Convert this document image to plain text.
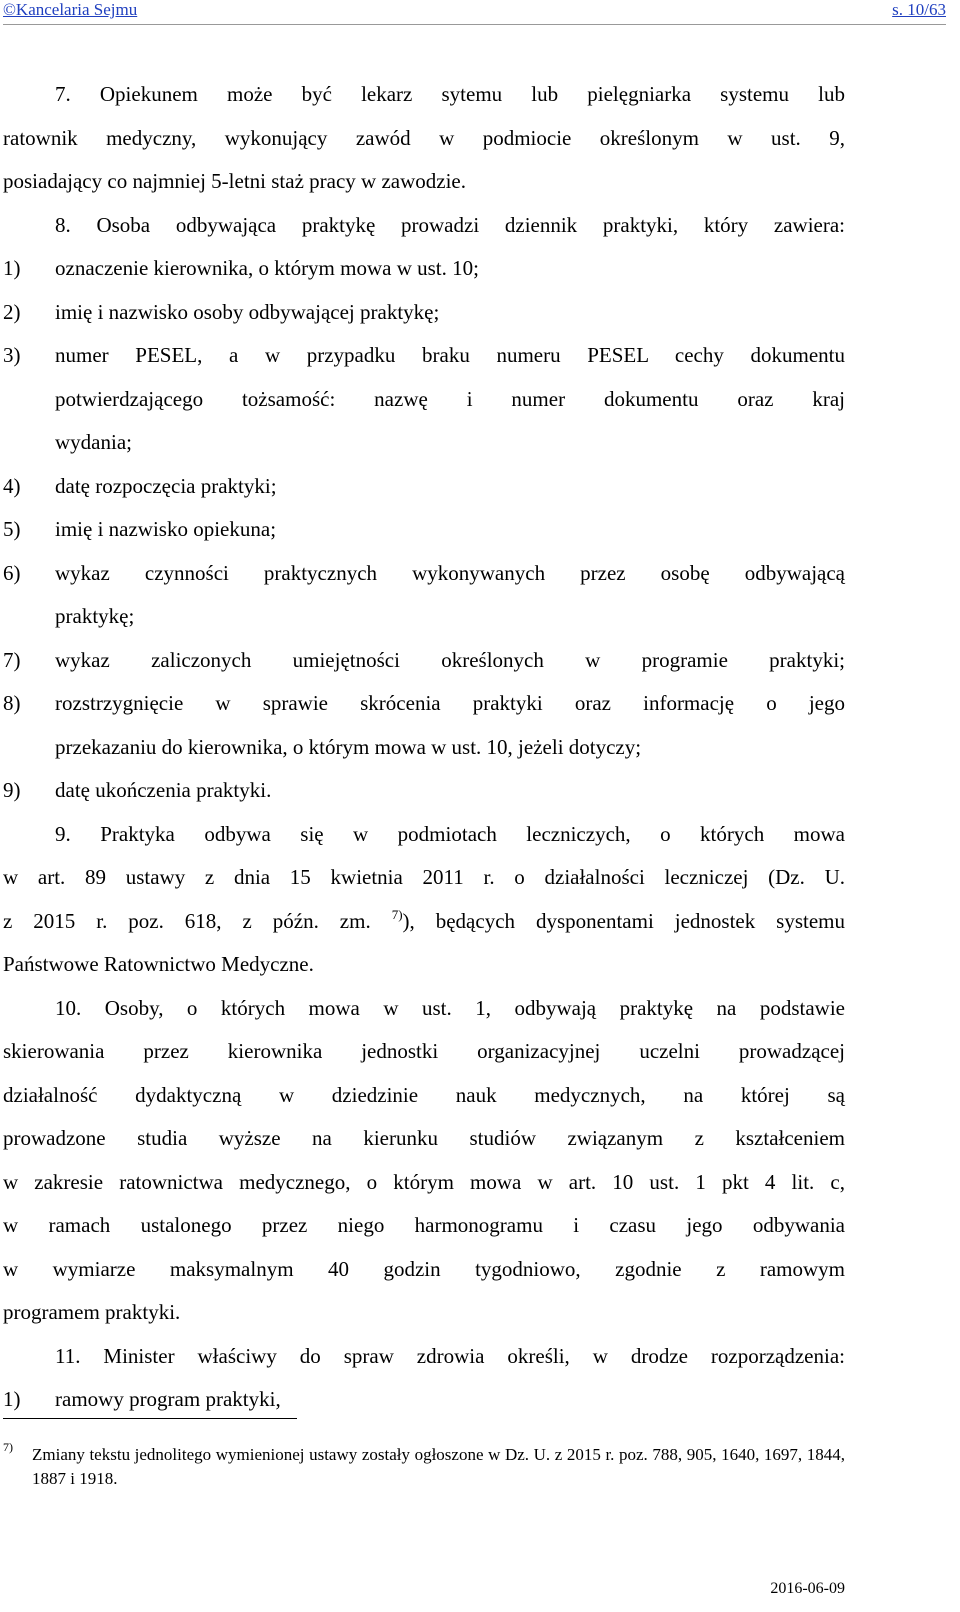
©Kancelaria Sejmu	s. 10/63
7. Opiekunem może być lekarz sytemu lub pielęgniarka systemu lub
ratownik medyczny, wykonujący zawód w podmiocie określonym w ust. 9,
posiadający co najmniej 5-letni staż pracy w zawodzie.
8. Osoba odbywająca praktykę prowadzi dziennik praktyki, który zawiera:
1)	oznaczenie kierownika, o którym mowa w ust. 10;
2)	imię i nazwisko osoby odbywającej praktykę;
3)	numer PESEL, a w przypadku braku numeru PESEL cechy dokumentu
potwierdzającego tożsamość: nazwę i numer dokumentu oraz kraj
wydania;
4)	datę rozpoczęcia praktyki;
5)	imię i nazwisko opiekuna;
6)	wykaz czynności praktycznych wykonywanych przez osobę odbywającą
praktykę;
7)	wykaz zaliczonych umiejętności określonych w programie praktyki;
8)	rozstrzygnięcie w sprawie skrócenia praktyki oraz informację o jego
przekazaniu do kierownika, o którym mowa w ust. 10, jeżeli dotyczy;
9)	datę ukończenia praktyki.
9. Praktyka odbywa się w podmiotach leczniczych, o których mowa
w art. 89 ustawy z dnia 15 kwietnia 2011 r. o działalności leczniczej (Dz. U.
z 2015 r. poz. 618, z późn. zm. $^{7)}$), będących dysponentami jednostek systemu
Państwowe Ratownictwo Medyczne.
10. Osoby, o których mowa w ust. 1, odbywają praktykę na podstawie
skierowania przez kierownika jednostki organizacyjnej uczelni prowadzącej
działalność dydaktyczną w dziedzinie nauk medycznych, na której są
prowadzone studia wyższe na kierunku studiów związanym z kształceniem
w zakresie ratownictwa medycznego, o którym mowa w art. 10 ust. 1 pkt 4 lit. c,
w ramach ustalonego przez niego harmonogramu i czasu jego odbywania
w wymiarze maksymalnym 40 godzin tygodniowo, zgodnie z ramowym
programem praktyki.
11. Minister właściwy do spraw zdrowia określi, w drodze rozporządzenia:
1)	ramowy program praktyki,
7)	Zmiany tekstu jednolitego wymienionej ustawy zostały ogłoszone w Dz. U. z 2015 r. poz. 788, 905, 1640, 1697, 1844, 1887 i 1918.
2016-06-09
